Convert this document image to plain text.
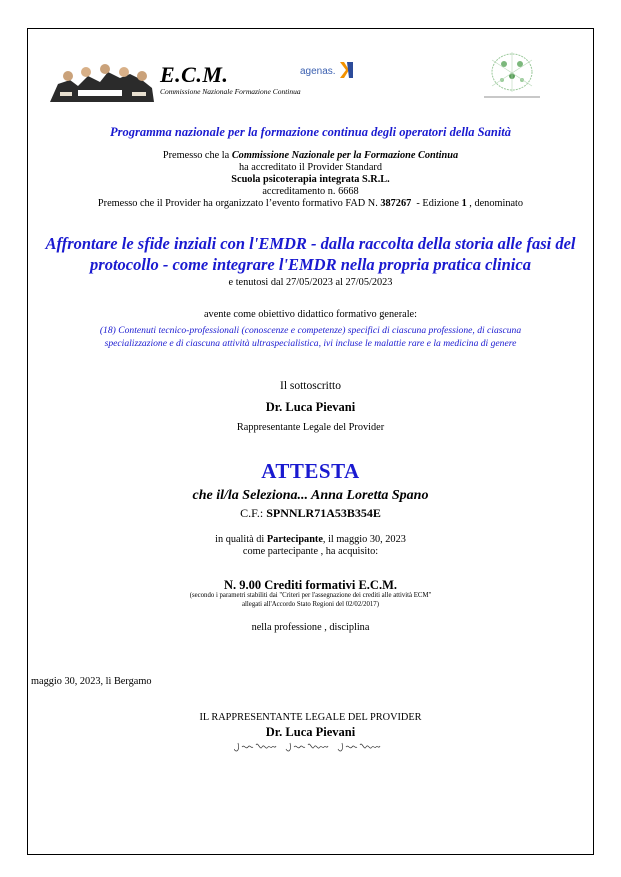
E.C.M.
Commissione Nazionale Formazione Continua
agenas.
Programma nazionale per la formazione continua degli operatori della Sanità
Premesso che la Commissione Nazionale per la Formazione Continua
ha accreditato il Provider Standard
Scuola psicoterapia integrata S.R.L.
accreditamento n. 6668
Premesso che il Provider ha organizzato l’evento formativo FAD N. 387267  - Edizione 1 , denominato
Affrontare le sfide inziali con l'EMDR - dalla raccolta della storia alle fasi del
protocollo - come integrare l'EMDR nella propria pratica clinica
e tenutosi dal 27/05/2023 al 27/05/2023
avente come obiettivo didattico formativo generale:
(18) Contenuti tecnico-professionali (conoscenze e competenze) specifici di ciascuna professione, di ciascuna
specializzazione e di ciascuna attività ultraspecialistica, ivi incluse le malattie rare e la medicina di genere
Il sottoscritto
Dr. Luca Pievani
Rappresentante Legale del Provider
ATTESTA
che il/la Seleziona... Anna Loretta Spano
C.F.: SPNNLR71A53B354E
in qualità di Partecipante, il maggio 30, 2023
come partecipante , ha acquisito:
N. 9.00 Crediti formativi E.C.M.
(secondo i parametri stabiliti dai "Criteri per l'assegnazione dei crediti alle attività ECM"
allegati all'Accordo Stato Regioni del 02/02/2017)
nella professione , disciplina
maggio 30, 2023, lì Bergamo
IL RAPPRESENTANTE LEGALE DEL PROVIDER
Dr. Luca Pievani
